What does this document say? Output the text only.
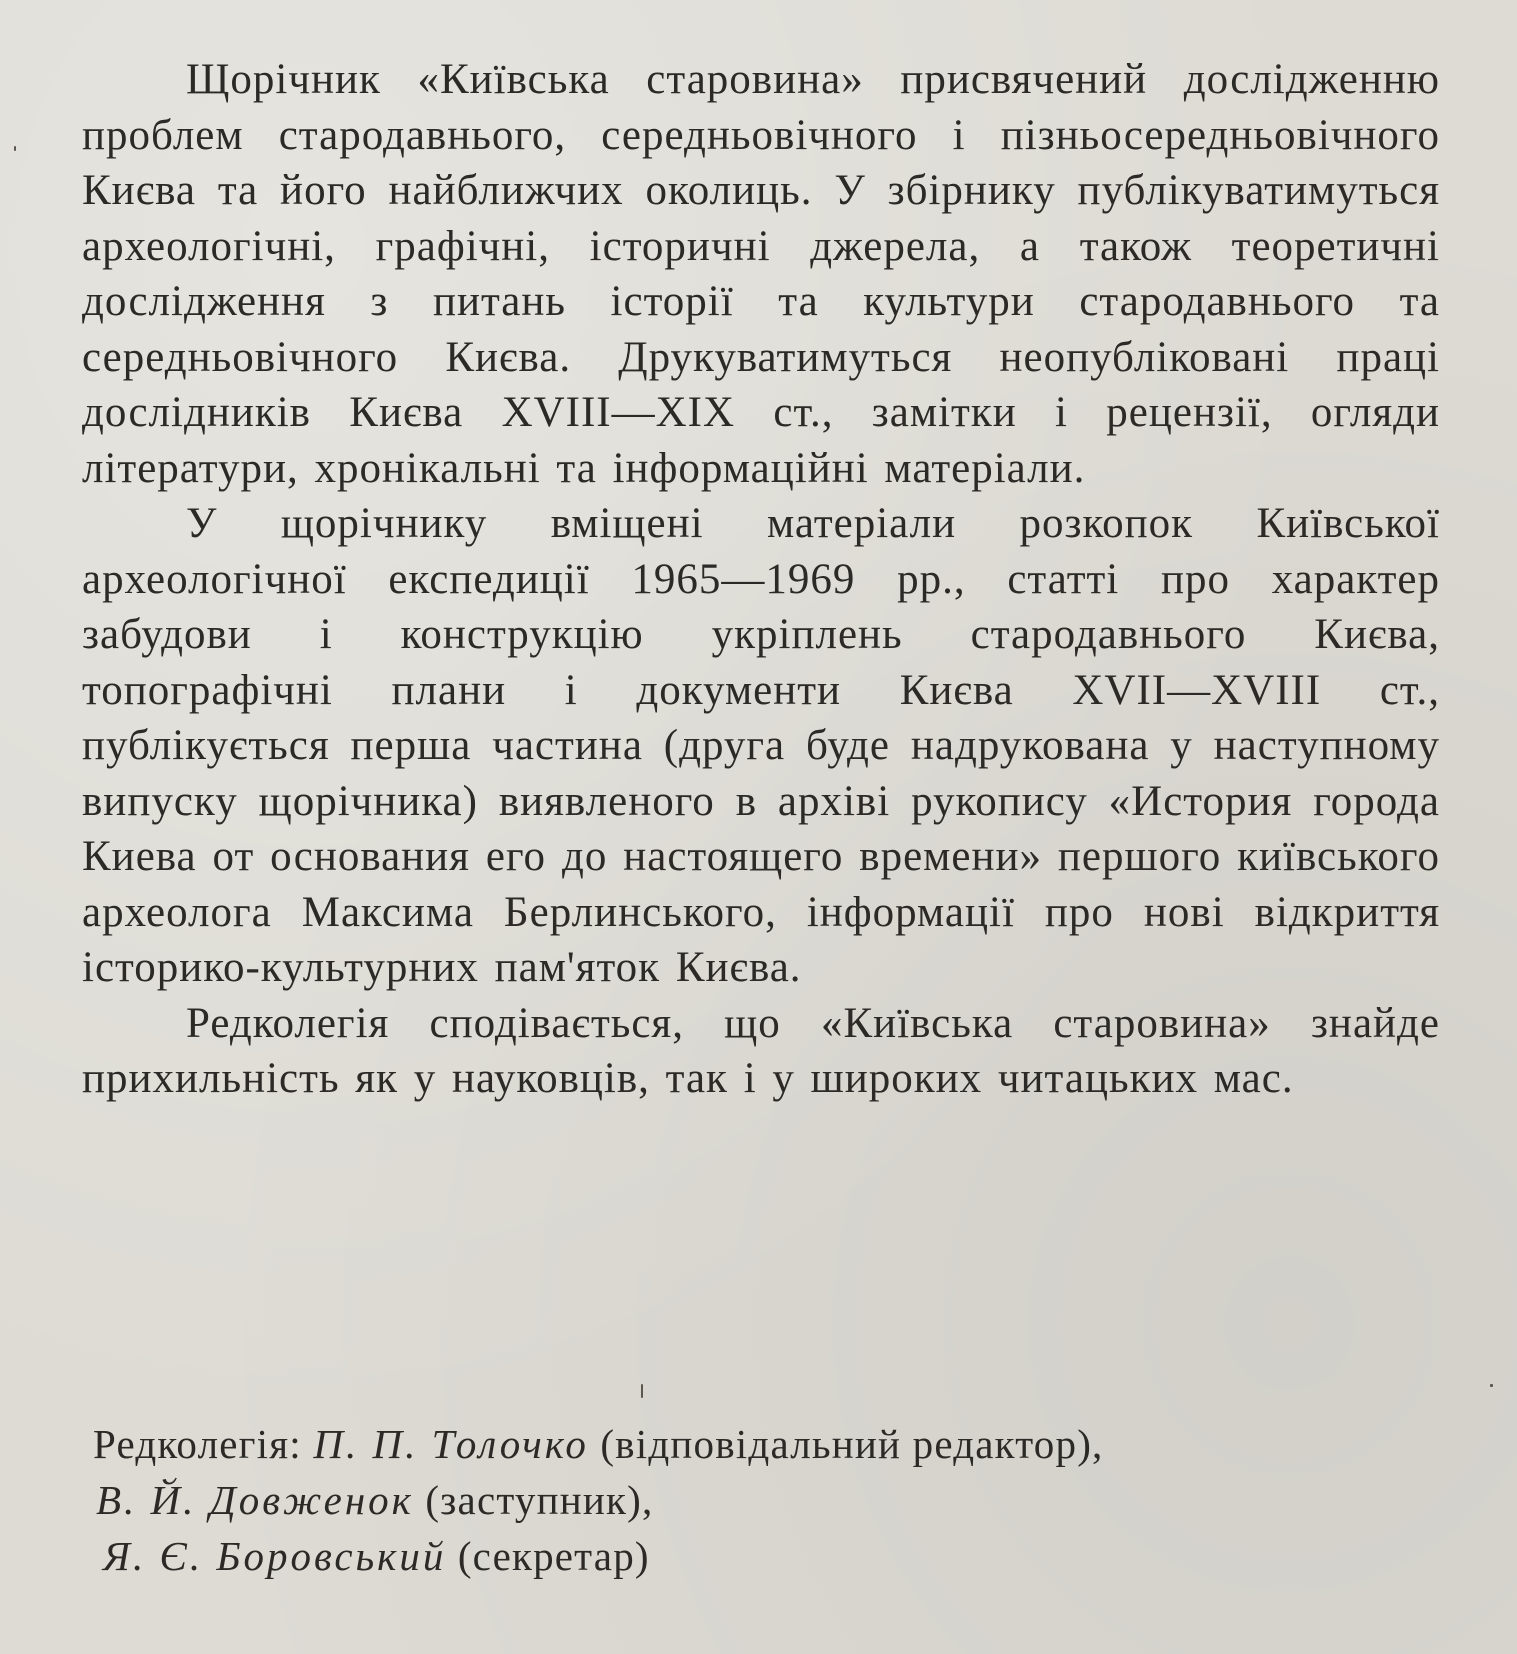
Щорічник «Київська старовина» присвячений дослідженню проблем стародавнього, середньовічного і пізньосередньовічного Києва та його найближчих околиць. У збірнику публікуватимуться археологічні, графічні, історичні джерела, а також теоретичні дослідження з питань історії та культури стародавнього та середньовічного Києва. Друкуватимуться неопубліковані праці дослідників Києва XVIII—XIX ст., замітки і рецензії, огляди літератури, хронікальні та інформаційні матеріали.

У щорічнику вміщені матеріали розкопок Київської археологічної експедиції 1965—1969 рр., статті про характер забудови і конструкцію укріплень стародавнього Києва, топографічні плани і документи Києва XVII—XVIII ст., публікується перша частина (друга буде надрукована у наступному випуску щорічника) виявленого в архіві рукопису «История города Киева от основания его до настоящего времени» першого київського археолога Максима Берлинського, інформації про нові відкриття історико-культурних пам'яток Києва.

Редколегія сподівається, що «Київська старовина» знайде прихильність як у науковців, так і у широких читацьких мас.

Редколегія: П. П. Толочко (відповідальний редактор),
В. Й. Довженок (заступник),
Я. Є. Боровський (секретар)
